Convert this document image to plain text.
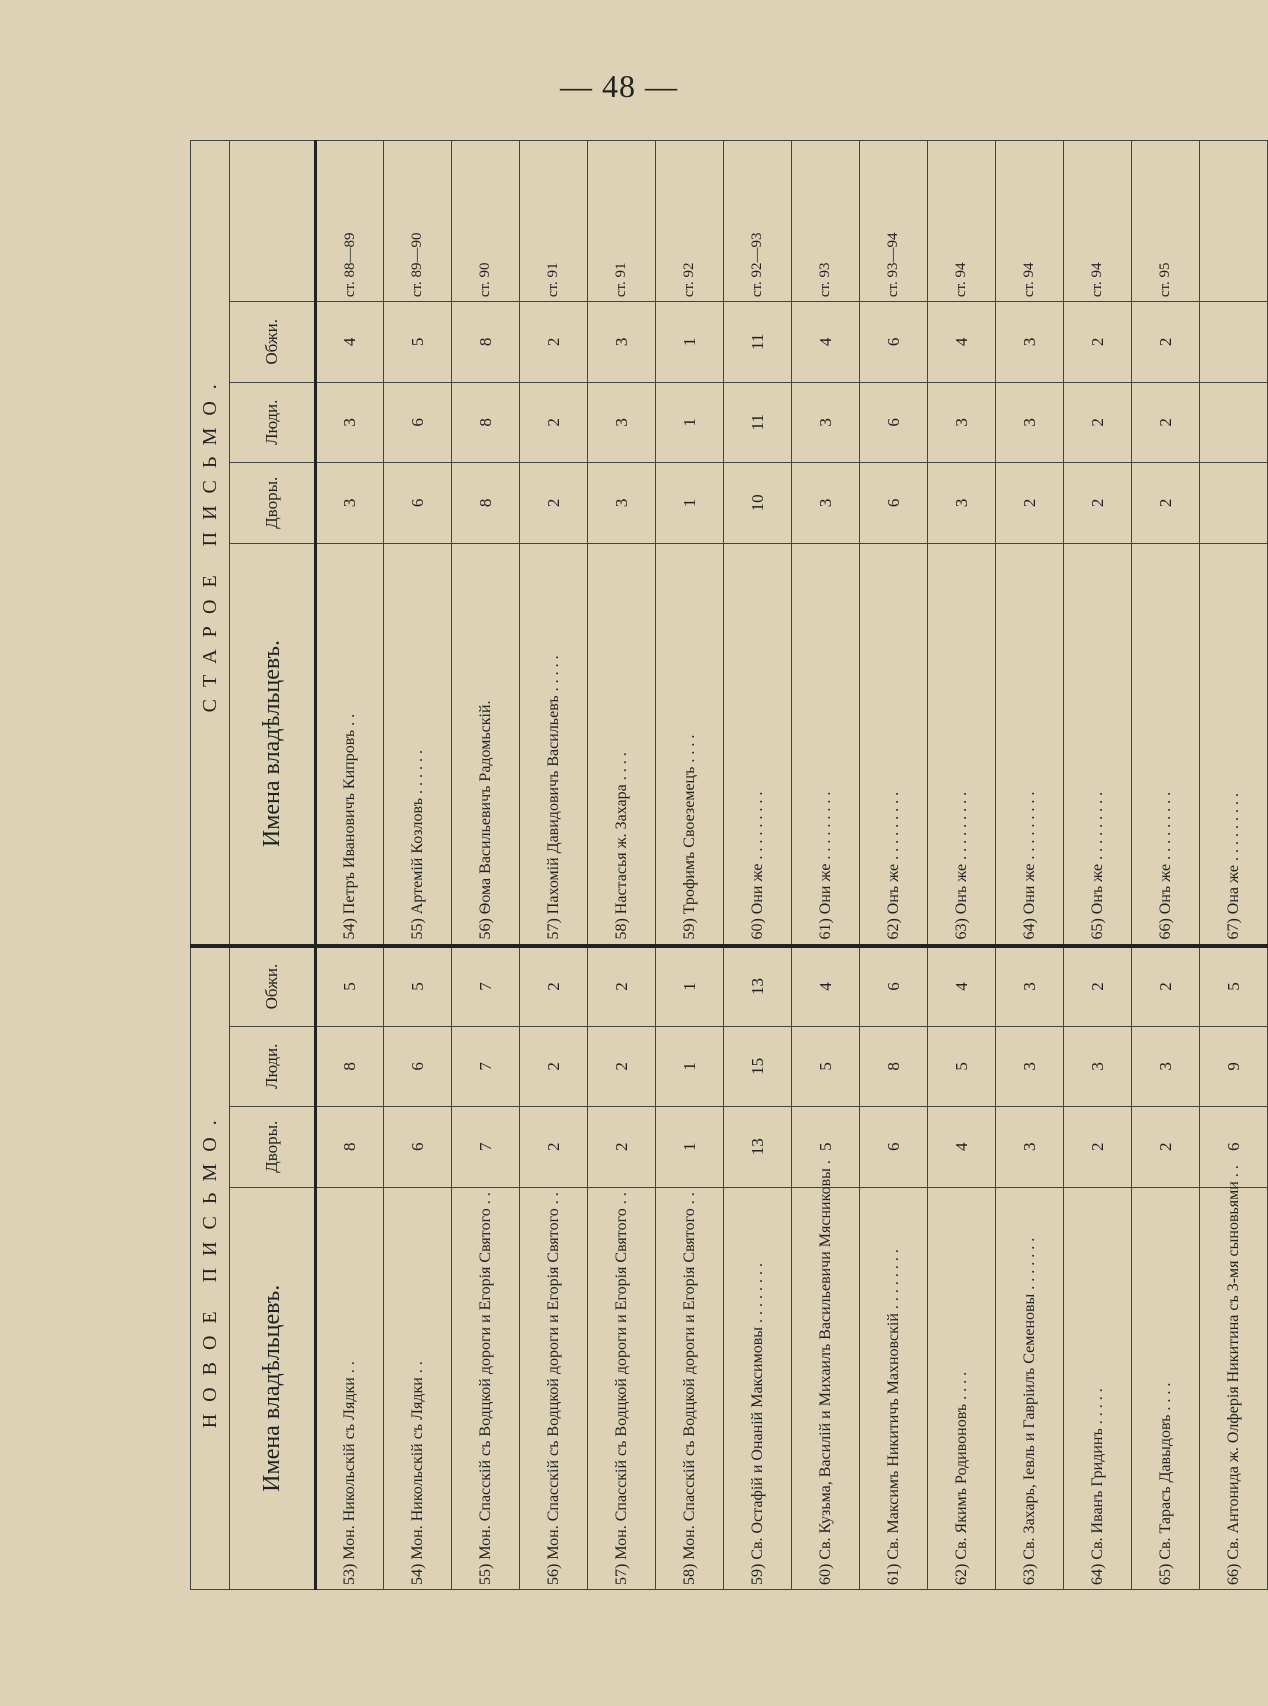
— 48 —
НОВОЕ ПИСЬМО.				СТАРОЕ ПИСЬМО.				
Имена владѣльцевъ.	Дворы.	Люди.	Обжи.	Имена владѣльцевъ.	Дворы.	Люди.	Обжи.	
53) Мон. Никольскій съ Лядки . .	8	8	5	54) Петръ Ивановичъ Кипровъ . .	3	3	4	ст. 88—89
54) Мон. Никольскій съ Лядки . .	6	6	5	55) Артемій Козловъ . . . . . .	6	6	5	ст. 89—90
55) Мон. Спасскій съ Водцкой дороги и Егорія Святого . .	7	7	7	56) Ѳома Васильевичъ Радомьскій.	8	8	8	ст. 90
56) Мон. Спасскій съ Водцкой дороги и Егорія Святого . .	2	2	2	57) Пахомій Давидовичъ Васильевъ . . . . .	2	2	2	ст. 91
57) Мон. Спасскій съ Водцкой дороги и Егорія Святого . .	2	2	2	58) Настасья ж. Захара . . . .	3	3	3	ст. 91
58) Мон. Спасскій съ Водцкой дороги и Егорія Святого . .	1	1	1	59) Трофимъ Своеземецъ . . . .	1	1	1	ст. 92
59) Св. Остафій и Онаній Максимовы . . . . . . . .	13	15	13	60) Они же . . . . . . . . .	10	11	11	ст. 92—93
60) Св. Кузьма, Василій и Михаилъ Васильевичи Мясниковы .	5	5	4	61) Они же . . . . . . . . .	3	3	4	ст. 93
61) Св. Максимъ Никитичъ Махновскій . . . . . . . .	6	8	6	62) Онъ же . . . . . . . . .	6	6	6	ст. 93—94
62) Св. Якимъ Родивоновъ . . . .	4	5	4	63) Онъ же . . . . . . . . .	3	3	4	ст. 94
63) Св. Захарь, Іевль и Гавріилъ Семеновы . . . . . . .	3	3	3	64) Они же . . . . . . . . .	2	3	3	ст. 94
64) Св. Иванъ Гридинъ . . . . .	2	3	2	65) Онъ же . . . . . . . . .	2	2	2	ст. 94
65) Св. Тарасъ Давыдовъ . . . .	2	3	2	66) Онъ же . . . . . . . . .	2	2	2	ст. 95
66) Св. Антонида ж. Олферія Никитина съ 3-мя сыновьями . .	6	9	5	67) Она же . . . . . . . . .				
